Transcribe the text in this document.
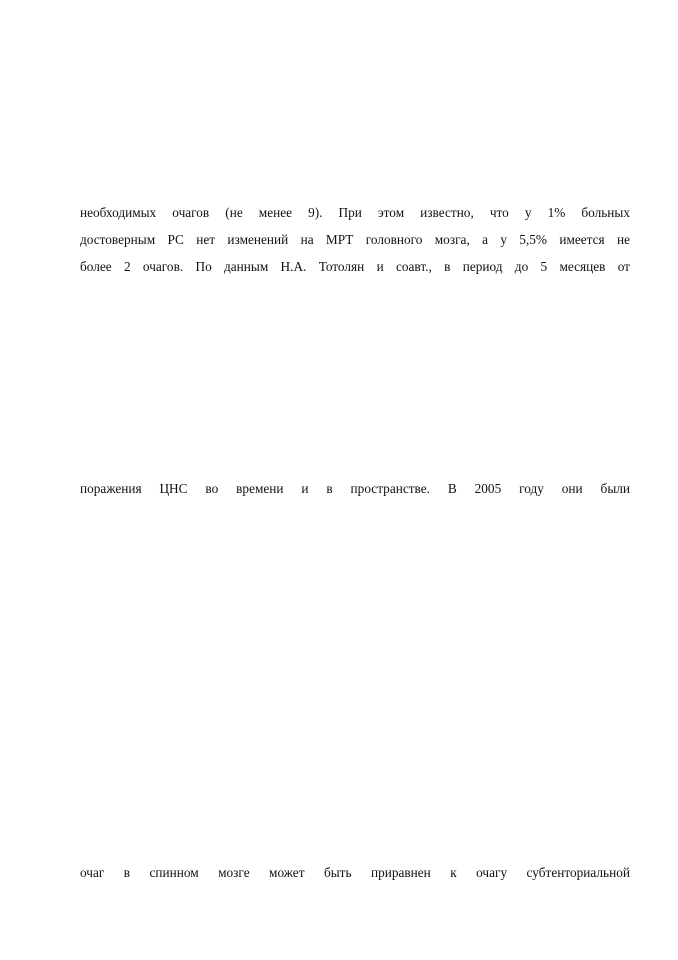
необходимых очагов (не менее 9). При этом известно, что у 1% больных
достоверным РС нет изменений на МРТ головного мозга, а у 5,5% имеется не
более 2 очагов. По данным Н.А. Тотолян и соавт., в период до 5 месяцев от
поражения ЦНС во времени и в пространстве. В 2005 году они были
очаг в спинном мозге может быть приравнен к очагу субтенториальной
